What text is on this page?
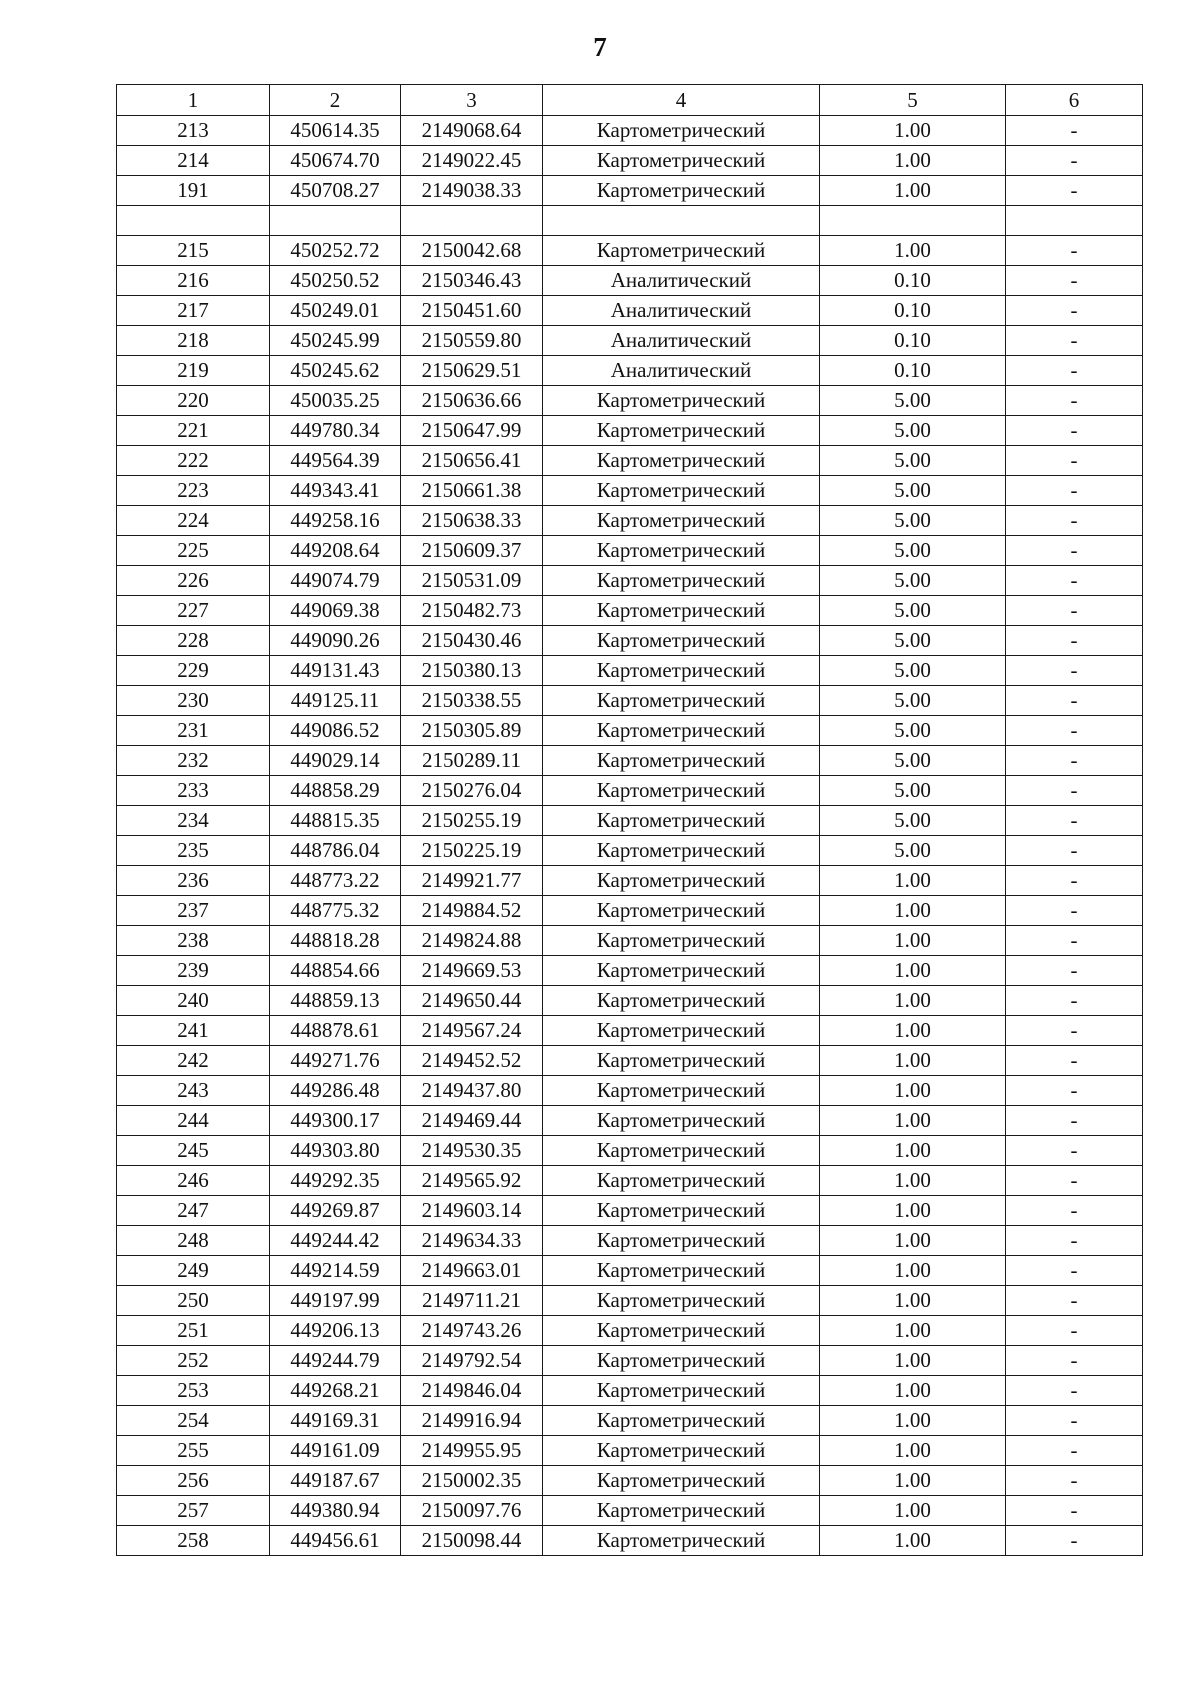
7
1	2	3	4	5	6
213	450614.35	2149068.64	Картометрический	1.00	-
214	450674.70	2149022.45	Картометрический	1.00	-
191	450708.27	2149038.33	Картометрический	1.00	-

215	450252.72	2150042.68	Картометрический	1.00	-
216	450250.52	2150346.43	Аналитический	0.10	-
217	450249.01	2150451.60	Аналитический	0.10	-
218	450245.99	2150559.80	Аналитический	0.10	-
219	450245.62	2150629.51	Аналитический	0.10	-
220	450035.25	2150636.66	Картометрический	5.00	-
221	449780.34	2150647.99	Картометрический	5.00	-
222	449564.39	2150656.41	Картометрический	5.00	-
223	449343.41	2150661.38	Картометрический	5.00	-
224	449258.16	2150638.33	Картометрический	5.00	-
225	449208.64	2150609.37	Картометрический	5.00	-
226	449074.79	2150531.09	Картометрический	5.00	-
227	449069.38	2150482.73	Картометрический	5.00	-
228	449090.26	2150430.46	Картометрический	5.00	-
229	449131.43	2150380.13	Картометрический	5.00	-
230	449125.11	2150338.55	Картометрический	5.00	-
231	449086.52	2150305.89	Картометрический	5.00	-
232	449029.14	2150289.11	Картометрический	5.00	-
233	448858.29	2150276.04	Картометрический	5.00	-
234	448815.35	2150255.19	Картометрический	5.00	-
235	448786.04	2150225.19	Картометрический	5.00	-
236	448773.22	2149921.77	Картометрический	1.00	-
237	448775.32	2149884.52	Картометрический	1.00	-
238	448818.28	2149824.88	Картометрический	1.00	-
239	448854.66	2149669.53	Картометрический	1.00	-
240	448859.13	2149650.44	Картометрический	1.00	-
241	448878.61	2149567.24	Картометрический	1.00	-
242	449271.76	2149452.52	Картометрический	1.00	-
243	449286.48	2149437.80	Картометрический	1.00	-
244	449300.17	2149469.44	Картометрический	1.00	-
245	449303.80	2149530.35	Картометрический	1.00	-
246	449292.35	2149565.92	Картометрический	1.00	-
247	449269.87	2149603.14	Картометрический	1.00	-
248	449244.42	2149634.33	Картометрический	1.00	-
249	449214.59	2149663.01	Картометрический	1.00	-
250	449197.99	2149711.21	Картометрический	1.00	-
251	449206.13	2149743.26	Картометрический	1.00	-
252	449244.79	2149792.54	Картометрический	1.00	-
253	449268.21	2149846.04	Картометрический	1.00	-
254	449169.31	2149916.94	Картометрический	1.00	-
255	449161.09	2149955.95	Картометрический	1.00	-
256	449187.67	2150002.35	Картометрический	1.00	-
257	449380.94	2150097.76	Картометрический	1.00	-
258	449456.61	2150098.44	Картометрический	1.00	-
